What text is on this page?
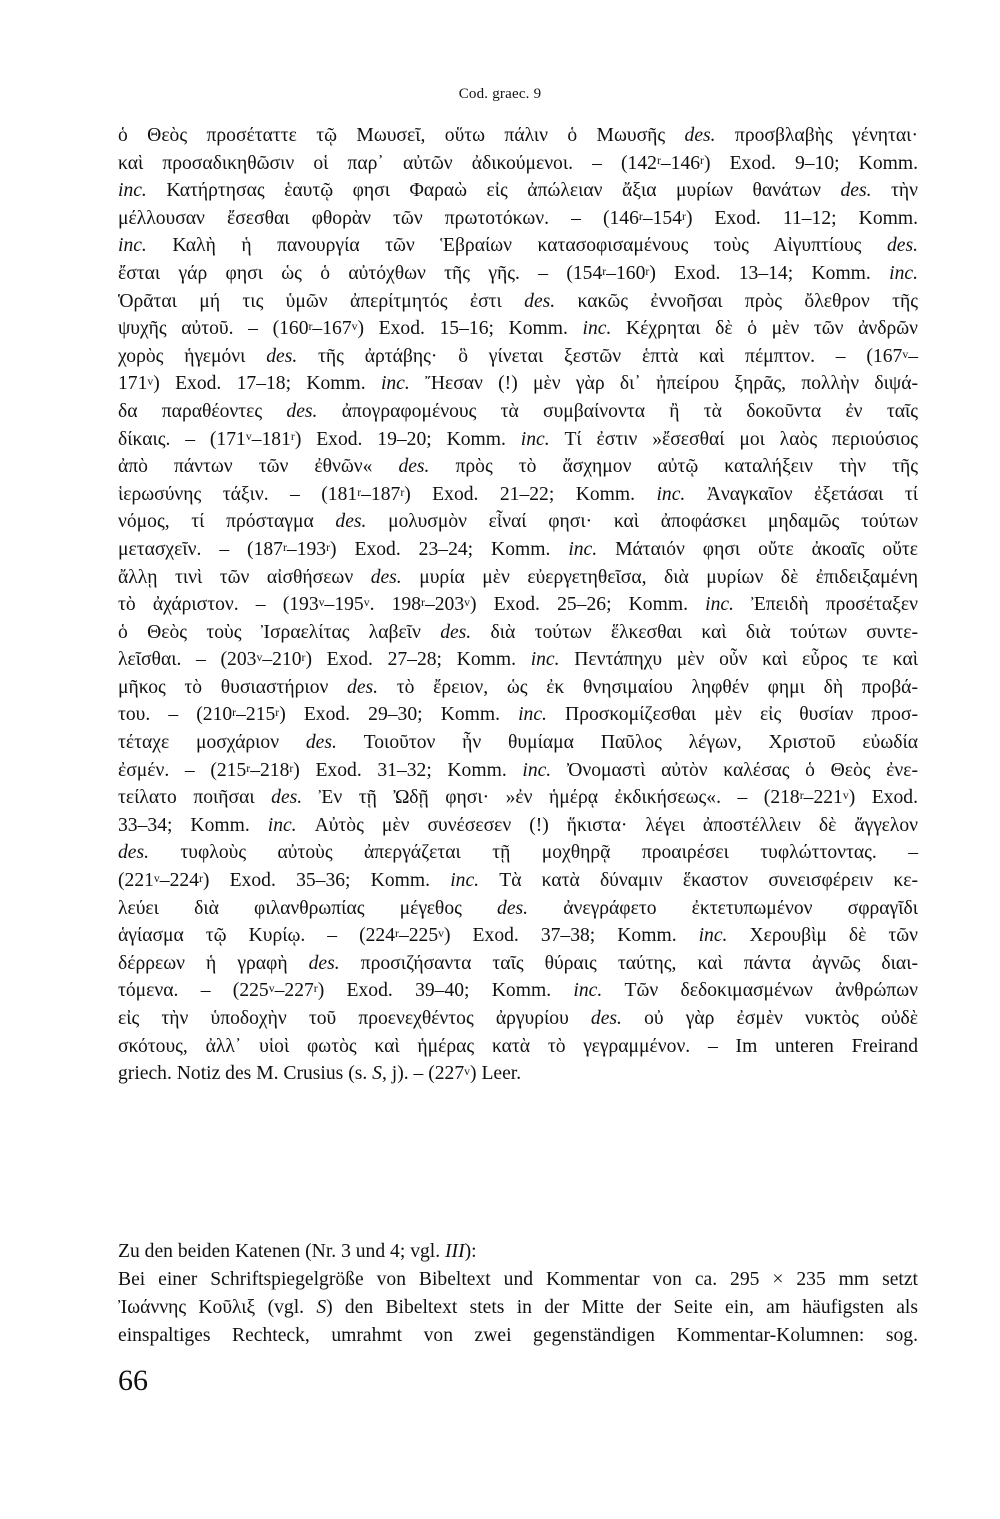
Cod. graec. 9
ὁ Θεὸς προσέταττε τῷ Μωυσεῖ, οὕτω πάλιν ὁ Μωυσῆς des. προσβλαβὴς γένηται·
καὶ προσαδικηθῶσιν οἱ παρ᾿ αὐτῶν ἀδικούμενοι. – (142$^r$–146$^r$) Exod. 9–10; Komm.
inc. Κατήρτησας ἑαυτῷ φησι Φαραὼ εἰς ἀπώλειαν ἄξια μυρίων θανάτων des. τὴν
μέλλουσαν ἔσεσθαι φθορὰν τῶν πρωτοτόκων. – (146$^r$–154$^r$) Exod. 11–12; Komm.
inc. Καλὴ ἡ πανουργία τῶν Ἑβραίων κατασοφισαμένους τοὺς Αἰγυπτίους des.
ἔσται γάρ φησι ὡς ὁ αὐτόχθων τῆς γῆς. – (154$^r$–160$^r$) Exod. 13–14; Komm. inc.
Ὁρᾶται μή τις ὑμῶν ἀπερίτμητός ἐστι des. κακῶς ἐννοῆσαι πρὸς ὄλεθρον τῆς
ψυχῆς αὐτοῦ. – (160$^r$–167$^v$) Exod. 15–16; Komm. inc. Κέχρηται δὲ ὁ μὲν τῶν ἀνδρῶν
χορὸς ἡγεμόνι des. τῆς ἀρτάβης· ὃ γίνεται ξεστῶν ἑπτὰ καὶ πέμπτον. – (167$^v$–
171$^v$) Exod. 17–18; Komm. inc. Ἤεσαν (!) μὲν γὰρ δι᾿ ἠπείρου ξηρᾶς, πολλὴν διψά-
δα παραθέοντες des. ἀπογραφομένους τὰ συμβαίνοντα ἢ τὰ δοκοῦντα ἐν ταῖς
δίκαις. – (171$^v$–181$^r$) Exod. 19–20; Komm. inc. Τί ἐστιν »ἔσεσθαί μοι λαὸς περιούσιος
ἀπὸ πάντων τῶν ἐθνῶν« des. πρὸς τὸ ἄσχημον αὐτῷ καταλήξειν τὴν τῆς
ἱερωσύνης τάξιν. – (181$^r$–187$^r$) Exod. 21–22; Komm. inc. Ἀναγκαῖον ἐξετάσαι τί
νόμος, τί πρόσταγμα des. μολυσμὸν εἶναί φησι· καὶ ἀποφάσκει μηδαμῶς τούτων
μετασχεῖν. – (187$^r$–193$^r$) Exod. 23–24; Komm. inc. Μάταιόν φησι οὔτε ἀκοαῖς οὔτε
ἄλλῃ τινὶ τῶν αἰσθήσεων des. μυρία μὲν εὐεργετηθεῖσα, διὰ μυρίων δὲ ἐπιδειξαμένη
τὸ ἀχάριστον. – (193$^v$–195$^v$. 198$^r$–203$^v$) Exod. 25–26; Komm. inc. Ἐπειδὴ προσέταξεν
ὁ Θεὸς τοὺς Ἰσραελίτας λαβεῖν des. διὰ τούτων ἕλκεσθαι καὶ διὰ τούτων συντε-
λεῖσθαι. – (203$^v$–210$^r$) Exod. 27–28; Komm. inc. Πεντάπηχυ μὲν οὖν καὶ εὖρος τε καὶ
μῆκος τὸ θυσιαστήριον des. τὸ ἔρειον, ὡς ἐκ θνησιμαίου ληφθέν φημι δὴ προβά-
του. – (210$^r$–215$^r$) Exod. 29–30; Komm. inc. Προσκομίζεσθαι μὲν εἰς θυσίαν προσ-
τέταχε μοσχάριον des. Τοιοῦτον ἦν θυμίαμα Παῦλος λέγων, Χριστοῦ εὐωδία
ἐσμέν. – (215$^r$–218$^r$) Exod. 31–32; Komm. inc. Ὀνομαστὶ αὐτὸν καλέσας ὁ Θεὸς ἐνε-
τείλατο ποιῆσαι des. Ἐν τῇ Ὠδῇ φησι· »ἐν ἡμέρᾳ ἐκδικήσεως«. – (218$^r$–221$^v$) Exod.
33–34; Komm. inc. Αὐτὸς μὲν συνέσεσεν (!) ἥκιστα· λέγει ἀποστέλλειν δὲ ἄγγελον
des. τυφλοὺς αὐτοὺς ἀπεργάζεται τῇ μοχθηρᾷ προαιρέσει τυφλώττοντας. –
(221$^v$–224$^r$) Exod. 35–36; Komm. inc. Τὰ κατὰ δύναμιν ἕκαστον συνεισφέρειν κε-
λεύει διὰ φιλανθρωπίας μέγεθος des. ἀνεγράφετο ἐκτετυπωμένον σφραγῖδι
ἁγίασμα τῷ Κυρίῳ. – (224$^r$–225$^v$) Exod. 37–38; Komm. inc. Χερουβὶμ δὲ τῶν
δέρρεων ἡ γραφὴ des. προσιζήσαντα ταῖς θύραις ταύτης, καὶ πάντα ἀγνῶς διαι-
τόμενα. – (225$^v$–227$^r$) Exod. 39–40; Komm. inc. Τῶν δεδοκιμασμένων ἀνθρώπων
εἰς τὴν ὑποδοχὴν τοῦ προενεχθέντος ἀργυρίου des. οὐ γὰρ ἐσμὲν νυκτὸς οὐδὲ
σκότους, ἀλλ᾿ υἱοὶ φωτὸς καὶ ἡμέρας κατὰ τὸ γεγραμμένον. – Im unteren Freirand
griech. Notiz des M. Crusius (s. S, j). – (227$^v$) Leer.
Zu den beiden Katenen (Nr. 3 und 4; vgl. III):
Bei einer Schriftspiegelgröße von Bibeltext und Kommentar von ca. 295 × 235 mm setzt
Ἰωάννης Κοῦλιξ (vgl. S) den Bibeltext stets in der Mitte der Seite ein, am häufigsten als
einspaltiges Rechteck, umrahmt von zwei gegenständigen Kommentar-Kolumnen: sog.
66
